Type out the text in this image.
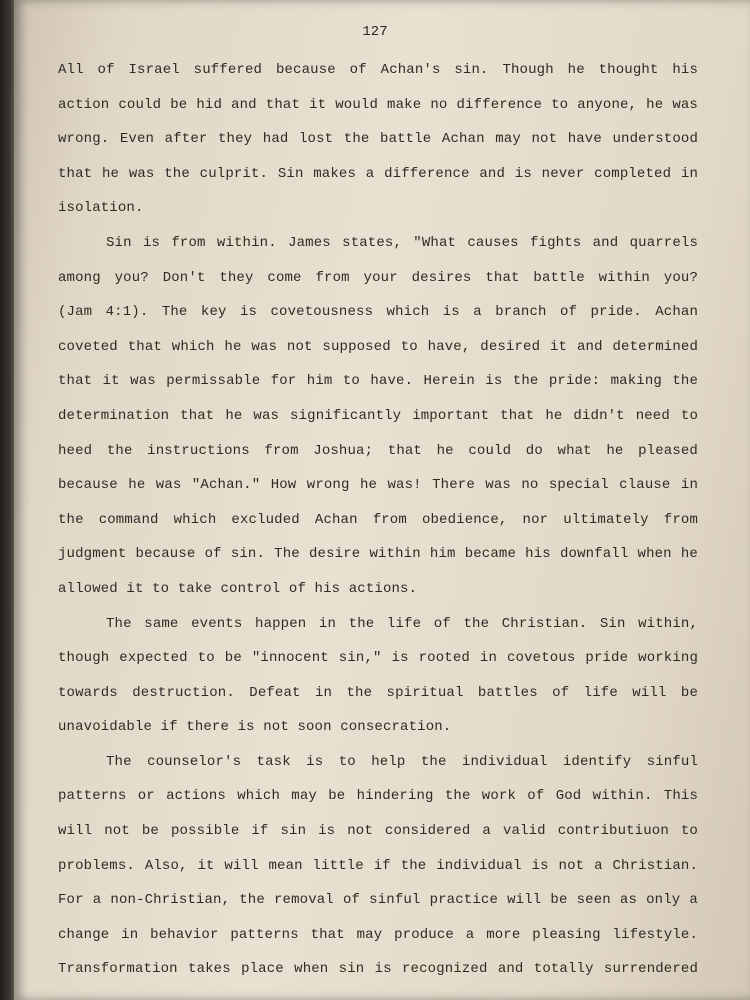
127
All of Israel suffered because of Achan's sin. Though he thought his
action could be hid and that it would make no difference to anyone, he was
wrong. Even after they had lost the battle Achan may not have understood
that he was the culprit. Sin makes a difference and is never completed in
isolation.
Sin is from within. James states, "What causes fights and quarrels
among you? Don't they come from your desires that battle within you?
(Jam 4:1). The key is covetousness which is a branch of pride. Achan
coveted that which he was not supposed to have, desired it and determined
that it was permissable for him to have. Herein is the pride: making the
determination that he was significantly important that he didn't need to
heed the instructions from Joshua; that he could do what he pleased
because he was "Achan." How wrong he was! There was no special clause in
the command which excluded Achan from obedience, nor ultimately from
judgment because of sin. The desire within him became his downfall when he
allowed it to take control of his actions.
The same events happen in the life of the Christian. Sin within,
though expected to be "innocent sin," is rooted in covetous pride working
towards destruction. Defeat in the spiritual battles of life will be
unavoidable if there is not soon consecration.
The counselor's task is to help the individual identify sinful
patterns or actions which may be hindering the work of God within. This
will not be possible if sin is not considered a valid contributiuon to
problems. Also, it will mean little if the individual is not a Christian.
For a non-Christian, the removal of sinful practice will be seen as only a
change in behavior patterns that may produce a more pleasing lifestyle.
Transformation takes place when sin is recognized and totally surrendered
